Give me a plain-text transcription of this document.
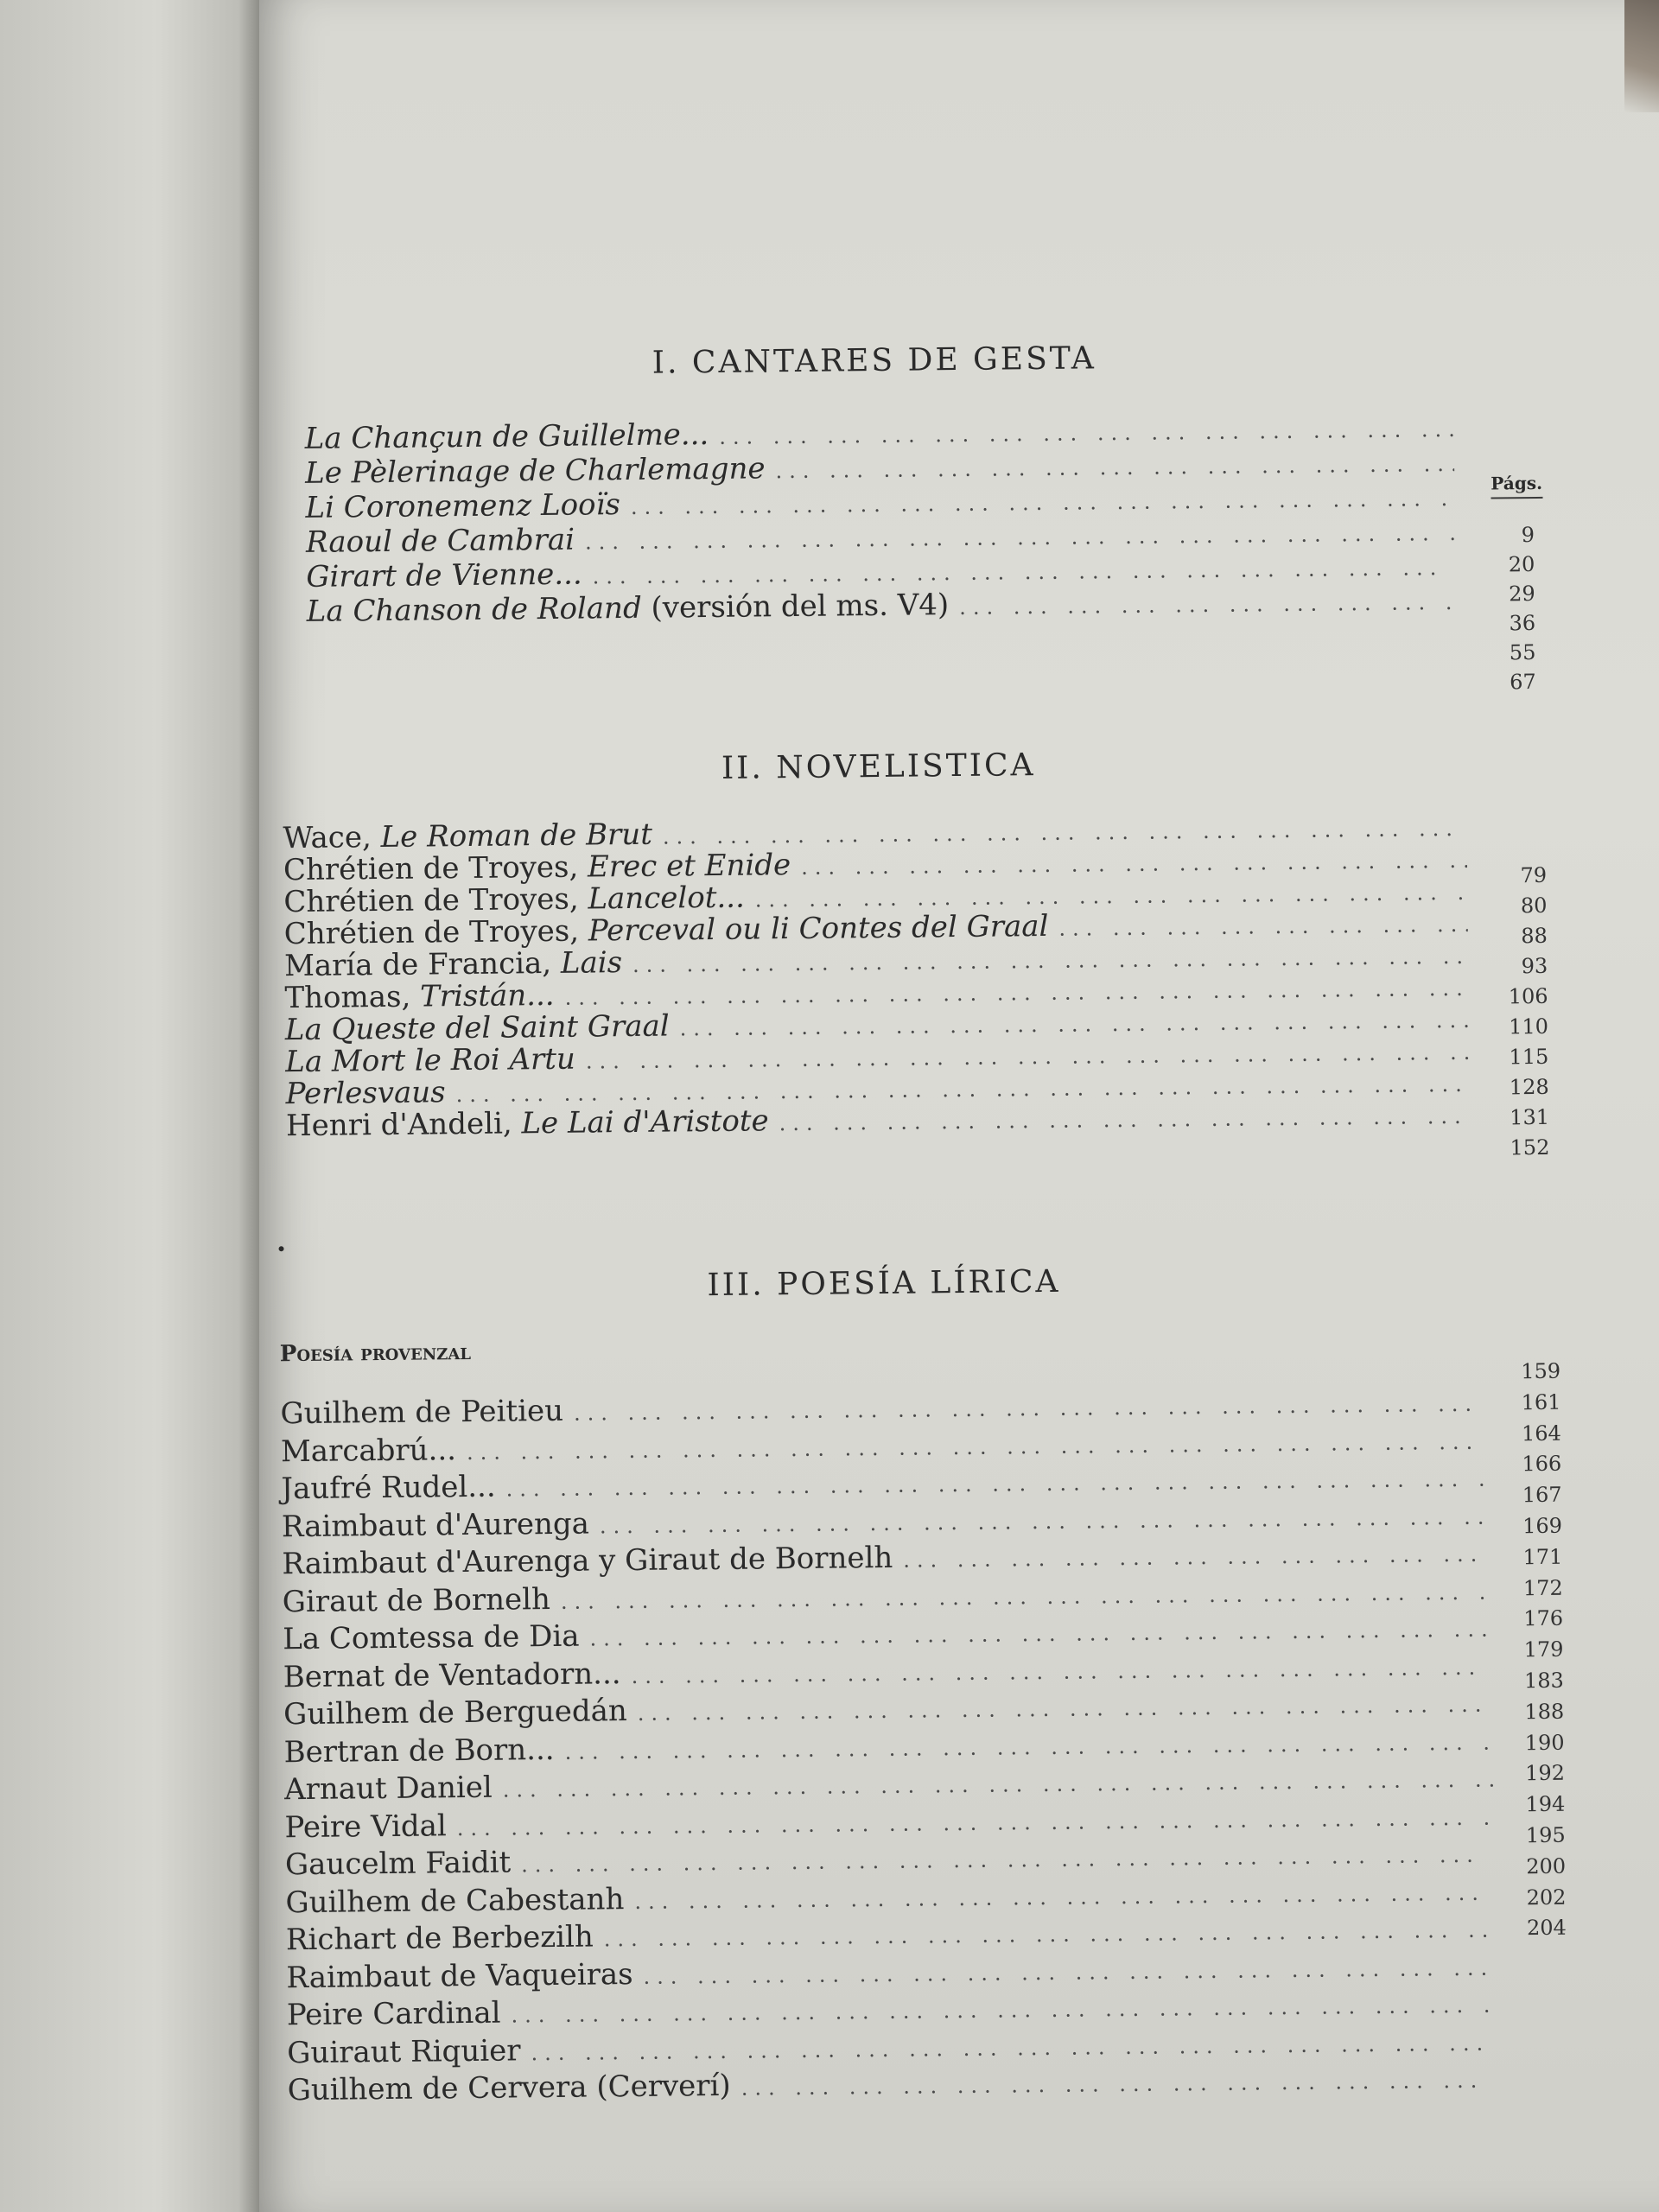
I. CANTARES DE GESTA
Págs.
La Chançun de Guillelme...
... .
Le Pèlerinage de Charlemagne
... .
Li Coronemenz Looïs
... .
Raoul de Cambrai
... .
Girart de Vienne...
... .
La Chanson de Roland (versión del ms. V4)
... .
9
20
29
36
55
67
II. NOVELISTICA
Wace, Le Roman de Brut
... .
Chrétien de Troyes, Erec et Enide
... .
Chrétien de Troyes, Lancelot...
... .
Chrétien de Troyes, Perceval ou li Contes del Graal
... .
María de Francia, Lais
... .
Thomas, Tristán...
... .
La Queste del Saint Graal
... .
La Mort le Roi Artu
... .
Perlesvaus
... .
Henri d'Andeli, Le Lai d'Aristote
... .
79
80
88
93
106
110
115
128
131
152
III. POESÍA LÍRICA
Poesía provenzal
Guilhem de Peitieu
... .
Marcabrú...
... .
Jaufré Rudel...
... .
Raimbaut d'Aurenga
... .
Raimbaut d'Aurenga y Giraut de Bornelh
... .
Giraut de Bornelh
... .
La Comtessa de Dia
... .
Bernat de Ventadorn...
... .
Guilhem de Berguedán
... .
Bertran de Born...
... .
Arnaut Daniel
... .
Peire Vidal
... .
Gaucelm Faidit
... .
Guilhem de Cabestanh
... .
Richart de Berbezilh
... .
Raimbaut de Vaqueiras
... .
Peire Cardinal
... .
Guiraut Riquier
... .
Guilhem de Cervera (Cerverí)
... .
159
161
164
166
167
169
171
172
176
179
183
188
190
192
194
195
200
202
204
